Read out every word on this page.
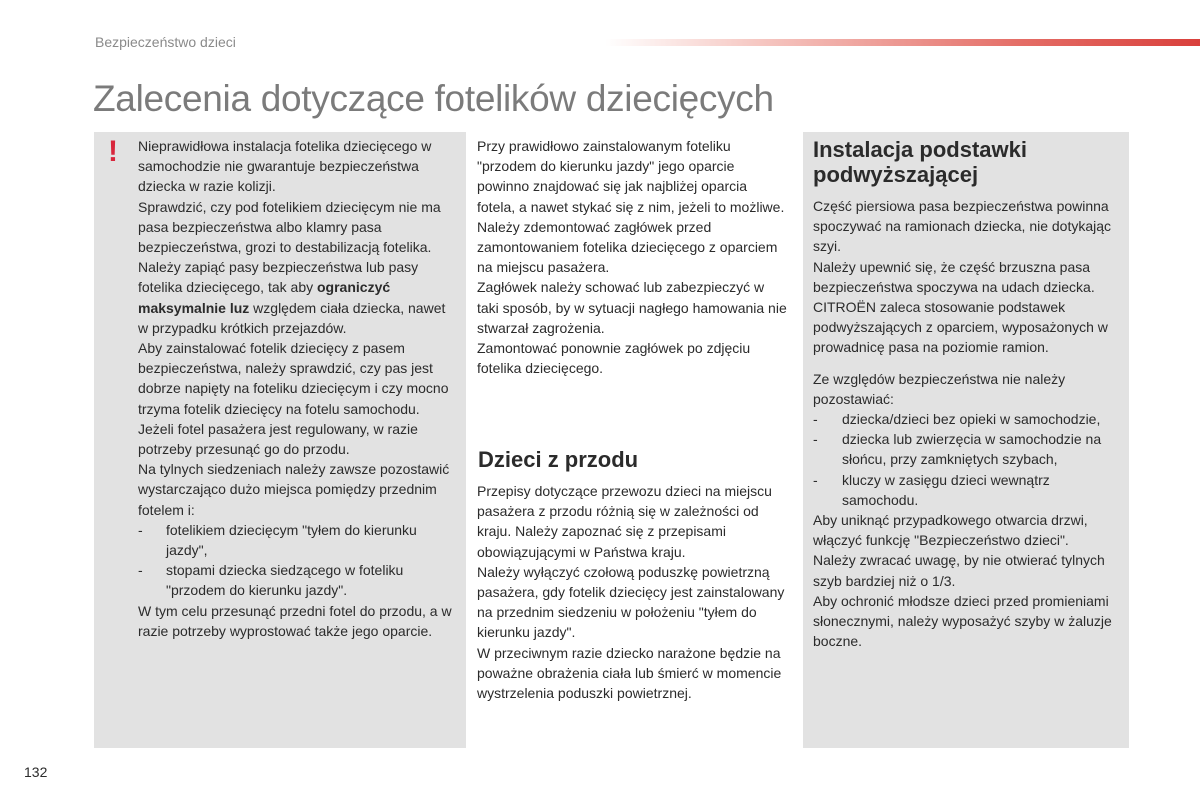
Bezpieczeństwo dzieci
Zalecenia dotyczące fotelików dziecięcych
! Nieprawidłowa instalacja fotelika dziecięcego w samochodzie nie gwarantuje bezpieczeństwa dziecka w razie kolizji.

Sprawdzić, czy pod fotelikiem dziecięcym nie ma pasa bezpieczeństwa albo klamry pasa bezpieczeństwa, grozi to destabilizacją fotelika.

Należy zapiąć pasy bezpieczeństwa lub pasy fotelika dziecięcego, tak aby ograniczyć maksymalnie luz względem ciała dziecka, nawet w przypadku krótkich przejazdów.

Aby zainstalować fotelik dziecięcy z pasem bezpieczeństwa, należy sprawdzić, czy pas jest dobrze napięty na foteliku dziecięcym i czy mocno trzyma fotelik dziecięcy na fotelu samochodu. Jeżeli fotel pasażera jest regulowany, w razie potrzeby przesunąć go do przodu.

Na tylnych siedzeniach należy zawsze pozostawić wystarczająco dużo miejsca pomiędzy przednim fotelem i:

- fotelikiem dziecięcym "tyłem do kierunku jazdy",
- stopami dziecka siedzącego w foteliku "przodem do kierunku jazdy".

W tym celu przesunąć przedni fotel do przodu, a w razie potrzeby wyprostować także jego oparcie.

Przy prawidłowo zainstalowanym foteliku "przodem do kierunku jazdy" jego oparcie powinno znajdować się jak najbliżej oparcia fotela, a nawet stykać się z nim, jeżeli to możliwe.

Należy zdemontować zagłówek przed zamontowaniem fotelika dziecięcego z oparciem na miejscu pasażera.

Zagłówek należy schować lub zabezpieczyć w taki sposób, by w sytuacji nagłego hamowania nie stwarzał zagrożenia.

Zamontować ponownie zagłówek po zdjęciu fotelika dziecięcego.

Dzieci z przodu

Przepisy dotyczące przewozu dzieci na miejscu pasażera z przodu różnią się w zależności od kraju. Należy zapoznać się z przepisami obowiązującymi w Państwa kraju.

Należy wyłączyć czołową poduszkę powietrzną pasażera, gdy fotelik dziecięcy jest zainstalowany na przednim siedzeniu w położeniu "tyłem do kierunku jazdy".

W przeciwnym razie dziecko narażone będzie na poważne obrażenia ciała lub śmierć w momencie wystrzelenia poduszki powietrznej.

Instalacja podstawki podwyższającej

Część piersiowa pasa bezpieczeństwa powinna spoczywać na ramionach dziecka, nie dotykając szyi.

Należy upewnić się, że część brzuszna pasa bezpieczeństwa spoczywa na udach dziecka.

CITROËN zaleca stosowanie podstawek podwyższających z oparciem, wyposażonych w prowadnicę pasa na poziomie ramion.

Ze względów bezpieczeństwa nie należy pozostawiać:

- dziecka/dzieci bez opieki w samochodzie,
- dziecka lub zwierzęcia w samochodzie na słońcu, przy zamkniętych szybach,
- kluczy w zasięgu dzieci wewnątrz samochodu.

Aby uniknąć przypadkowego otwarcia drzwi, włączyć funkcję "Bezpieczeństwo dzieci".

Należy zwracać uwagę, by nie otwierać tylnych szyb bardziej niż o 1/3.

Aby ochronić młodsze dzieci przed promieniami słonecznymi, należy wyposażyć szyby w żaluzje boczne.

132
